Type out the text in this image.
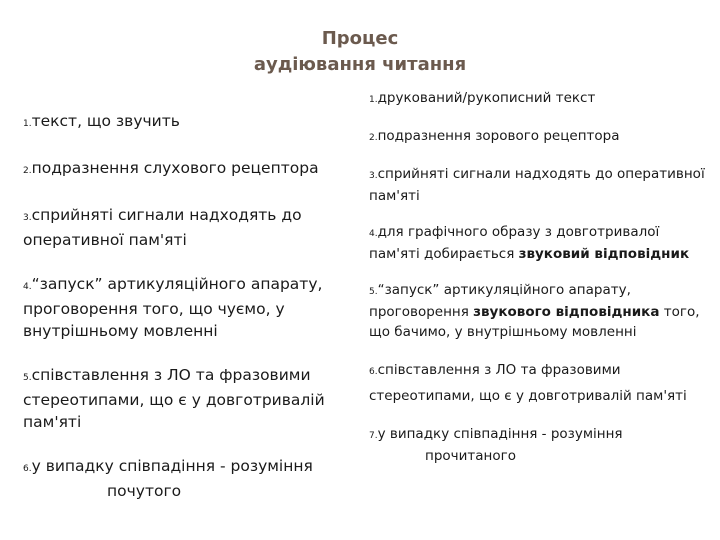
Процес
аудіювання читання
1.текст, що звучить
2.подразнення слухового рецептора
3.сприйняті сигнали надходять до оперативної пам'яті
4.“запуск” артикуляційного апарату, проговорення того, що чуємо, у внутрішньому мовленні
5.співставлення з ЛО та фразовими стереотипами, що є у довготривалій пам'яті
6.у випадку співпадіння - розумінняпочутого
1.друкований/рукописний текст
2.подразнення зорового рецептора
3.сприйняті сигнали надходять до оперативної пам'яті
4.для графічного образу з довготривалої пам'яті добирається звуковий відповідник
5.“запуск” артикуляційного апарату, проговорення звукового відповідника того, що бачимо, у внутрішньому мовленні
6.співставлення з ЛО та фразовими стереотипами, що є у довготривалій пам'яті
7.у випадку співпадіння - розуміння
прочитаного
